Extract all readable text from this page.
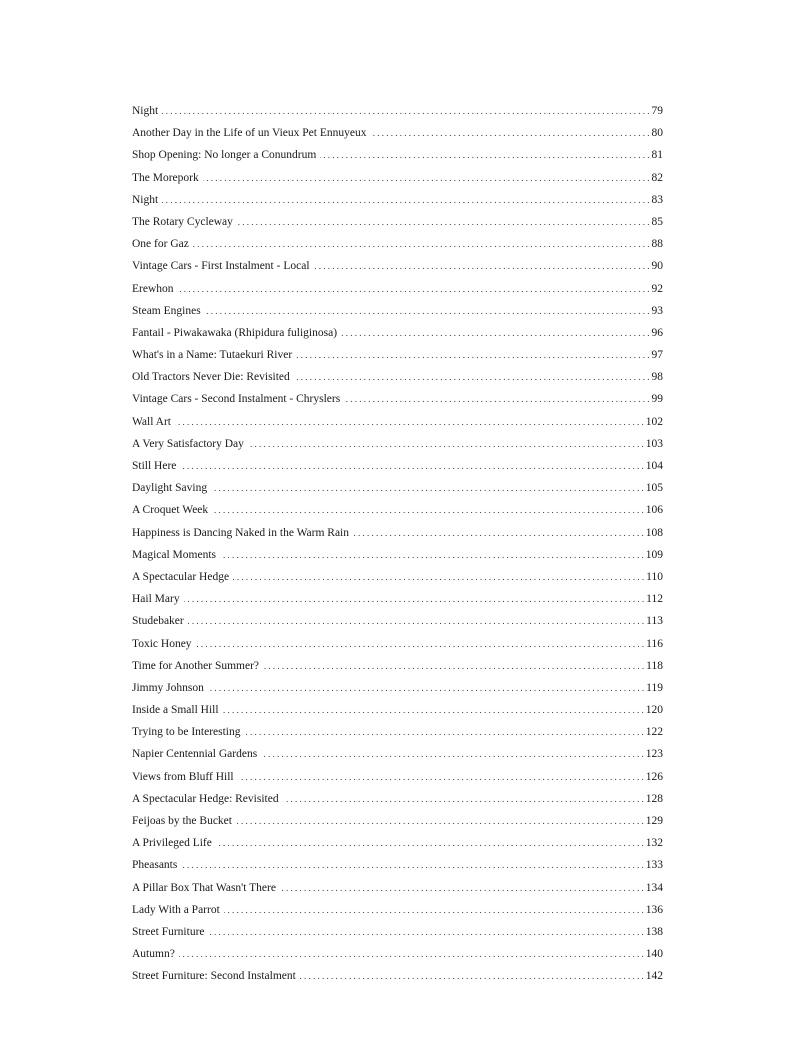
Night . . .	79
Another Day in the Life of un Vieux Pet Ennuyeux . . .	80
Shop Opening: No longer a Conundrum . . .	81
The Morepork . . .	82
Night . . .	83
The Rotary Cycleway . . .	85
One for Gaz . . .	88
Vintage Cars - First Instalment - Local . . .	90
Erewhon . . .	92
Steam Engines . . .	93
Fantail - Piwakawaka (Rhipidura fuliginosa) . . .	96
What's in a Name: Tutaekuri River . . .	97
Old Tractors Never Die: Revisited . . .	98
Vintage Cars - Second Instalment - Chryslers . . .	99
Wall Art . . .	102
A Very Satisfactory Day . . .	103
Still Here . . .	104
Daylight Saving . . .	105
A Croquet Week . . .	106
Happiness is Dancing Naked in the Warm Rain . . .	108
Magical Moments . . .	109
A Spectacular Hedge . . .	110
Hail Mary . . .	112
Studebaker . . .	113
Toxic Honey . . .	116
Time for Another Summer? . . .	118
Jimmy Johnson . . .	119
Inside a Small Hill . . .	120
Trying to be Interesting . . .	122
Napier Centennial Gardens . . .	123
Views from Bluff Hill . . .	126
A Spectacular Hedge: Revisited . . .	128
Feijoas by the Bucket . . .	129
A Privileged Life . . .	132
Pheasants . . .	133
A Pillar Box That Wasn't There . . .	134
Lady With a Parrot . . .	136
Street Furniture . . .	138
Autumn? . . .	140
Street Furniture: Second Instalment . . .	142
